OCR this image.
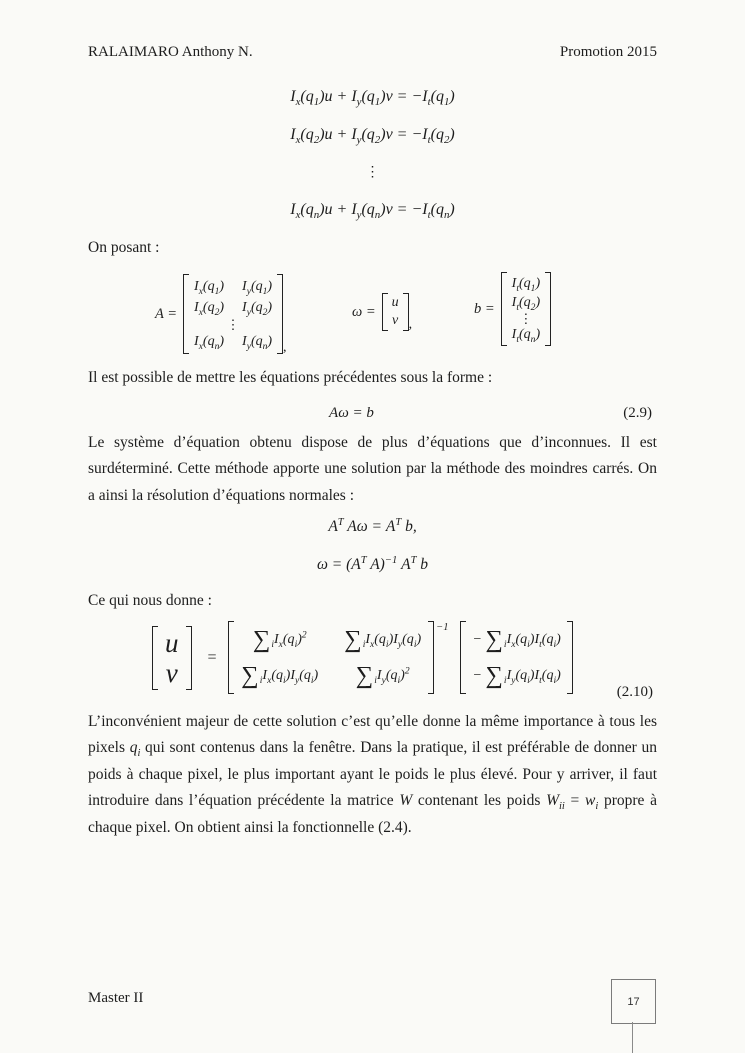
RALAIMARO Anthony N.	Promotion 2015
$I_x(q_1)u + I_y(q_1)v = -I_t(q_1)$
$I_x(q_2)u + I_y(q_2)v = -I_t(q_2)$
⋮
$I_x(q_n)u + I_y(q_n)v = -I_t(q_n)$
On posant :
A =
$I_x(q_1)$ $I_y(q_1)$
$I_x(q_2)$ $I_y(q_2)$
⋮
$I_x(q_n)$ $I_y(q_n)$ ,
ω =
u
v ,
b =
$I_t(q_1)$
$I_t(q_2)$
⋮
$I_t(q_n)$
Il est possible de mettre les équations précédentes sous la forme :
Aω = b	(2.9)
Le système d’équation obtenu dispose de plus d’équations que d’inconnues. Il est surdéterminé. Cette méthode apporte une solution par la méthode des moindres carrés. On a ainsi la résolution d’équations normales :
$A^T$ $A\omega = A^T$ b,
$\omega = (A^T$ A)$^{-1}$ $A^T$ b
Ce qui nous donne :
u
v
=
$\sum_iI_x(q_i)^2$ $\sum_iI_x(q_i)I_y(q_i)$
$\sum_iI_x(q_i)I_y(q_i)$ $\sum_iI_y(q_i)^2$
−1
− $\sum_iI_x(q_i)I_t(q_i)$
− $\sum_iI_y(q_i)I_t(q_i)$
(2.10)
L’inconvénient majeur de cette solution c’est qu’elle donne la même importance à tous les pixels $q_i$ qui sont contenus dans la fenêtre. Dans la pratique, il est préférable de donner un poids à chaque pixel, le plus important ayant le poids le plus élevé. Pour y arriver, il faut introduire dans l’équation précédente la matrice W contenant les poids $W_{ii} = w_i$ propre à chaque pixel. On obtient ainsi la fonctionnelle (2.4).
Master II	17
